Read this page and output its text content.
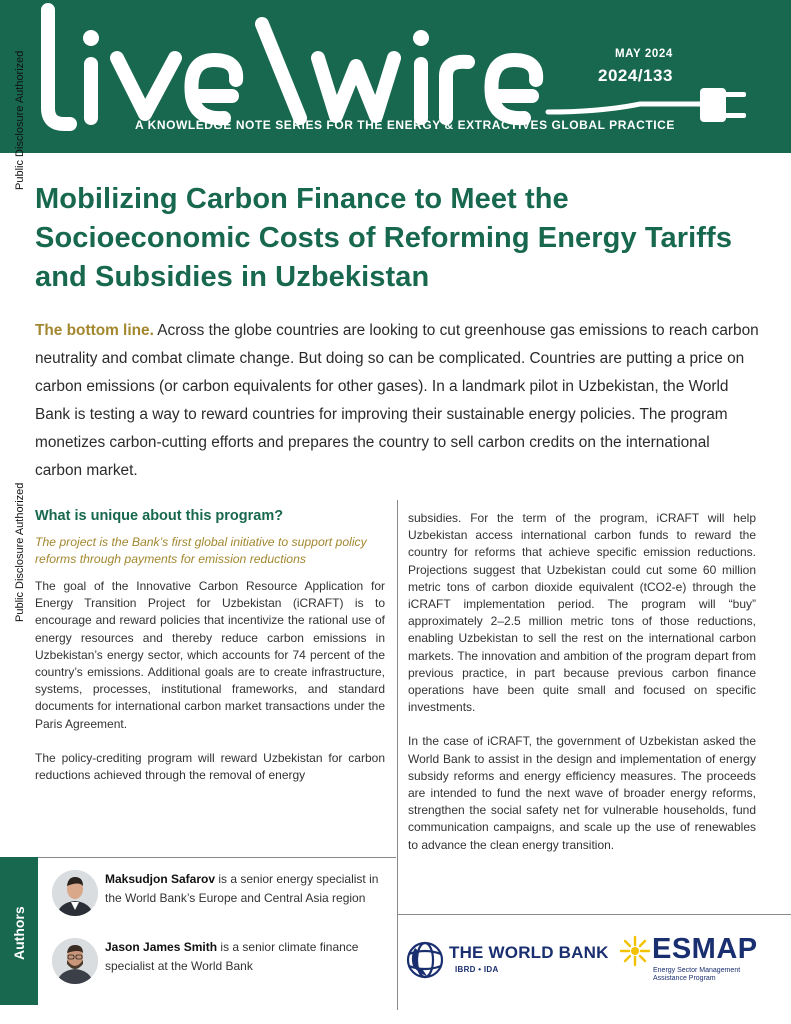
MAY 2024
2024/133
A KNOWLEDGE NOTE SERIES FOR THE ENERGY & EXTRACTIVES GLOBAL PRACTICE
Public Disclosure Authorized
Public Disclosure Authorized
Mobilizing Carbon Finance to Meet the Socioeconomic Costs of Reforming Energy Tariffs and Subsidies in Uzbekistan

The bottom line. Across the globe countries are looking to cut greenhouse gas emissions to reach carbon neutrality and combat climate change. But doing so can be complicated. Countries are putting a price on carbon emissions (or carbon equivalents for other gases). In a landmark pilot in Uzbekistan, the World Bank is testing a way to reward countries for improving their sustainable energy policies. The program monetizes carbon-cutting efforts and prepares the country to sell carbon credits on the international carbon market.

What is unique about this program?

The project is the Bank’s first global initiative to support policy reforms through payments for emission reductions

The goal of the Innovative Carbon Resource Application for Energy Transition Project for Uzbekistan (iCRAFT) is to encourage and reward policies that incentivize the rational use of energy resources and thereby reduce carbon emissions in Uzbekistan’s energy sector, which accounts for 74 percent of the country’s emissions. Additional goals are to create infrastructure, systems, processes, institutional frameworks, and standard documents for international carbon market transactions under the Paris Agreement.

The policy-crediting program will reward Uzbekistan for carbon reductions achieved through the removal of energy

subsidies. For the term of the program, iCRAFT will help Uzbekistan access international carbon funds to reward the country for reforms that achieve specific emission reductions. Projections suggest that Uzbekistan could cut some 60 million metric tons of carbon dioxide equivalent (tCO2-e) through the iCRAFT implementation period. The program will “buy” approximately 2–2.5 million metric tons of those reductions, enabling Uzbekistan to sell the rest on the international carbon markets. The innovation and ambition of the program depart from previous practice, in part because previous carbon finance operations have been quite small and focused on specific investments.

In the case of iCRAFT, the government of Uzbekistan asked the World Bank to assist in the design and implementation of energy subsidy reforms and energy efficiency measures. The proceeds are intended to fund the next wave of broader energy reforms, strengthen the social safety net for vulnerable households, fund communication campaigns, and scale up the use of renewables to advance the clean energy transition.

Authors
Maksudjon Safarov is a senior energy specialist in the World Bank’s Europe and Central Asia region
Jason James Smith is a senior climate finance specialist at the World Bank
THE WORLD BANK
IBRD • IDA
ESMAP
Energy Sector Management Assistance Program
